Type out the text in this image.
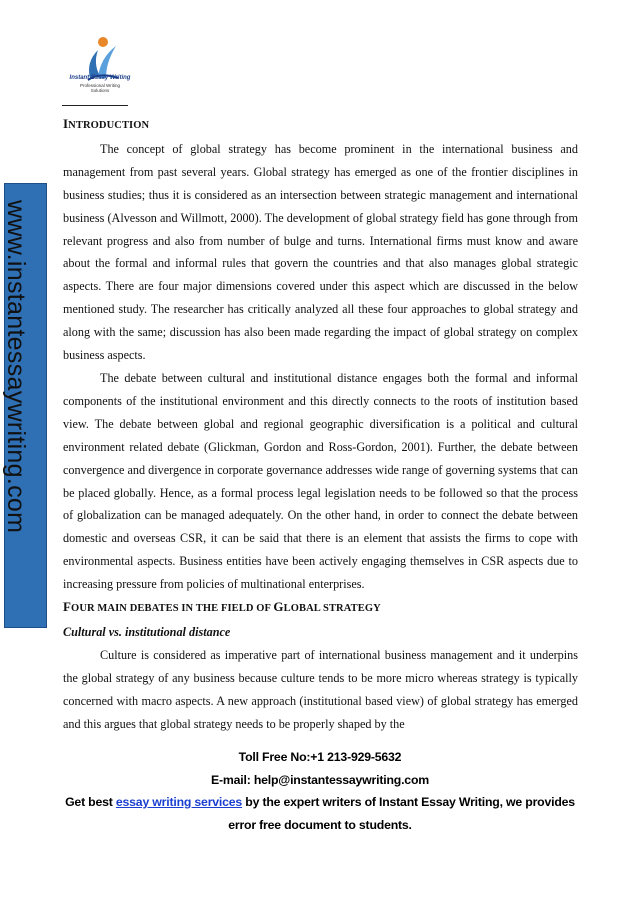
Instant Essay Writing
Professional Writing
Solutions
www.instantessaywriting.com
INTRODUCTION

The concept of global strategy has become prominent in the international business and management from past several years. Global strategy has emerged as one of the frontier disciplines in business studies; thus it is considered as an intersection between strategic management and international business (Alvesson and Willmott, 2000). The development of global strategy field has gone through from relevant progress and also from number of bulge and turns. International firms must know and aware about the formal and informal rules that govern the countries and that also manages global strategic aspects. There are four major dimensions covered under this aspect which are discussed in the below mentioned study. The researcher has critically analyzed all these four approaches to global strategy and along with the same; discussion has also been made regarding the impact of global strategy on complex business aspects.

The debate between cultural and institutional distance engages both the formal and informal components of the institutional environment and this directly connects to the roots of institution based view. The debate between global and regional geographic diversification is a political and cultural environment related debate (Glickman, Gordon and Ross-Gordon, 2001). Further, the debate between convergence and divergence in corporate governance addresses wide range of governing systems that can be placed globally. Hence, as a formal process legal legislation needs to be followed so that the process of globalization can be managed adequately. On the other hand, in order to connect the debate between domestic and overseas CSR, it can be said that there is an element that assists the firms to cope with environmental aspects. Business entities have been actively engaging themselves in CSR aspects due to increasing pressure from policies of multinational enterprises.

FOUR MAIN DEBATES IN THE FIELD OF GLOBAL STRATEGY
Cultural vs. institutional distance

Culture is considered as imperative part of international business management and it underpins the global strategy of any business because culture tends to be more micro whereas strategy is typically concerned with macro aspects. A new approach (institutional based view) of global strategy has emerged and this argues that global strategy needs to be properly shaped by the

Toll Free No:+1 213-929-5632
E-mail: help@instantessaywriting.com
Get best essay writing services by the expert writers of Instant Essay Writing, we provides
error free document to students.
